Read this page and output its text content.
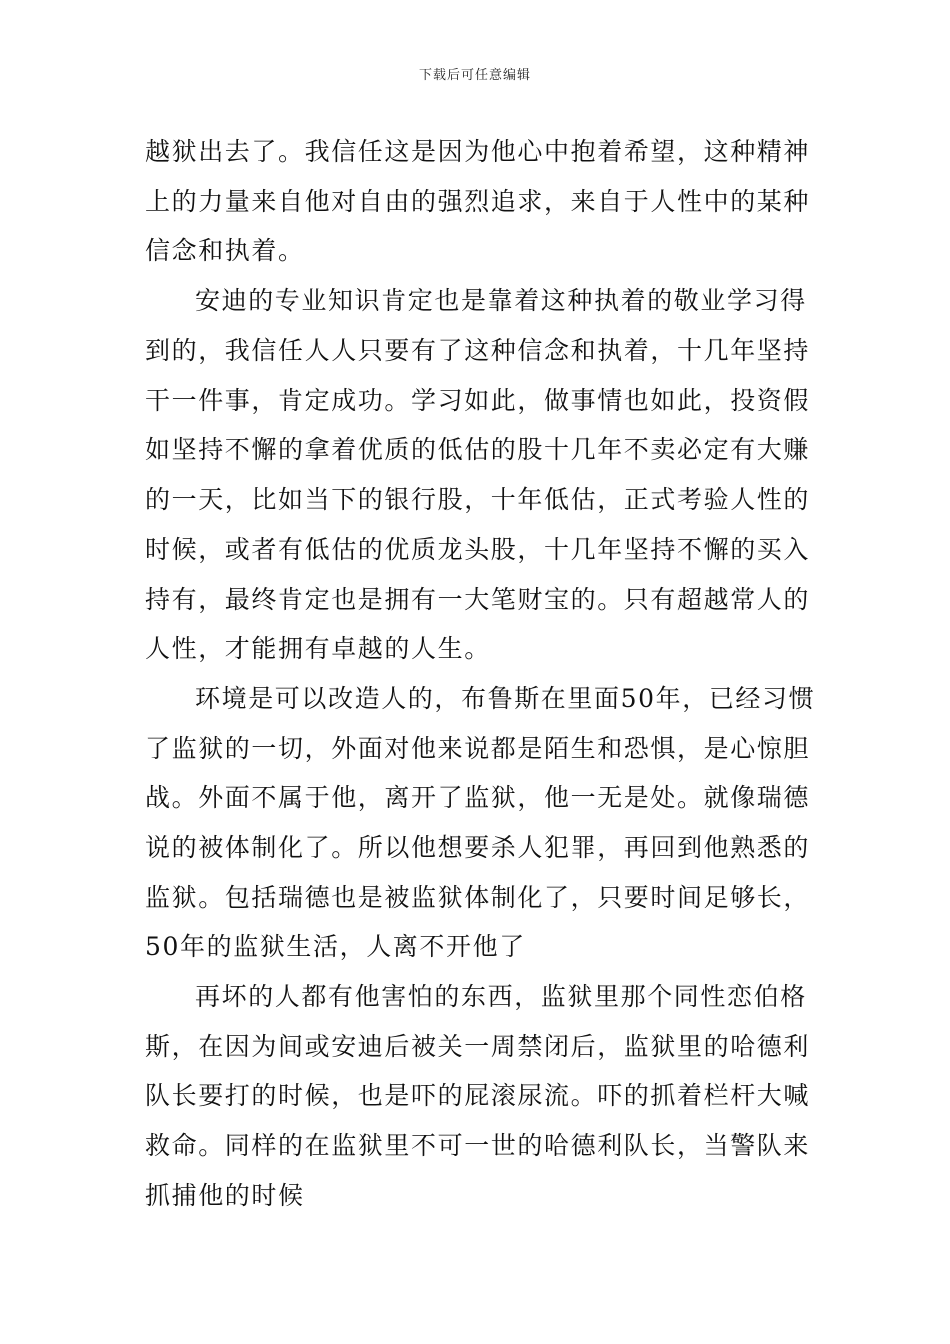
下载后可任意编辑
越狱出去了。我信任这是因为他心中抱着希望，这种精神
上的力量来自他对自由的强烈追求，来自于人性中的某种
信念和执着。
安迪的专业知识肯定也是靠着这种执着的敬业学习得
到的，我信任人人只要有了这种信念和执着，十几年坚持
干一件事，肯定成功。学习如此，做事情也如此，投资假
如坚持不懈的拿着优质的低估的股十几年不卖必定有大赚
的一天，比如当下的银行股，十年低估，正式考验人性的
时候，或者有低估的优质龙头股，十几年坚持不懈的买入
持有，最终肯定也是拥有一大笔财宝的。只有超越常人的
人性，才能拥有卓越的人生。
环境是可以改造人的，布鲁斯在里面50年，已经习惯
了监狱的一切，外面对他来说都是陌生和恐惧，是心惊胆
战。外面不属于他，离开了监狱，他一无是处。就像瑞德
说的被体制化了。所以他想要杀人犯罪，再回到他熟悉的
监狱。包括瑞德也是被监狱体制化了，只要时间足够长，
50年的监狱生活，人离不开他了
再坏的人都有他害怕的东西，监狱里那个同性恋伯格
斯，在因为间或安迪后被关一周禁闭后，监狱里的哈德利
队长要打的时候，也是吓的屁滚尿流。吓的抓着栏杆大喊
救命。同样的在监狱里不可一世的哈德利队长，当警队来
抓捕他的时候
